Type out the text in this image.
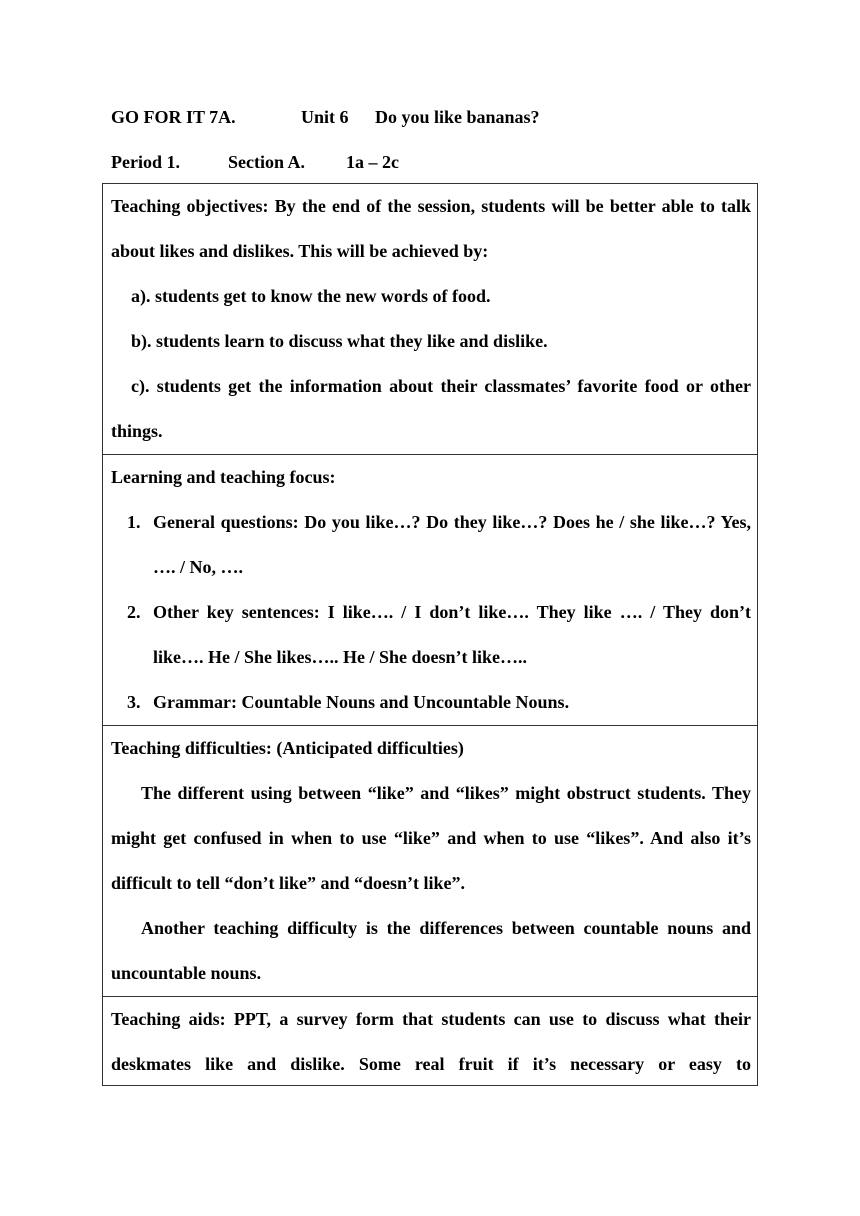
GO FOR IT 7A.	Unit 6 Do you like bananas?
Period 1.	Section A. 1a – 2c

Teaching objectives: By the end of the session, students will be better able to talk about likes and dislikes. This will be achieved by:

a). students get to know the new words of food.

b). students learn to discuss what they like and dislike.

c). students get the information about their classmates’ favorite food or other things.

Learning and teaching focus:

1. General questions: Do you like…? Do they like…? Does he / she like…? Yes, …. / No, ….
2. Other key sentences: I like…. / I don’t like…. They like …. / They don’t like…. He / She likes….. He / She doesn’t like…..
3. Grammar: Countable Nouns and Uncountable Nouns.

Teaching difficulties: (Anticipated difficulties)

The different using between “like” and “likes” might obstruct students. They might get confused in when to use “like” and when to use “likes”. And also it’s difficult to tell “don’t like” and “doesn’t like”.

Another teaching difficulty is the differences between countable nouns and uncountable nouns.

Teaching aids: PPT, a survey form that students can use to discuss what their deskmates like and dislike. Some real fruit if it’s necessary or easy to
